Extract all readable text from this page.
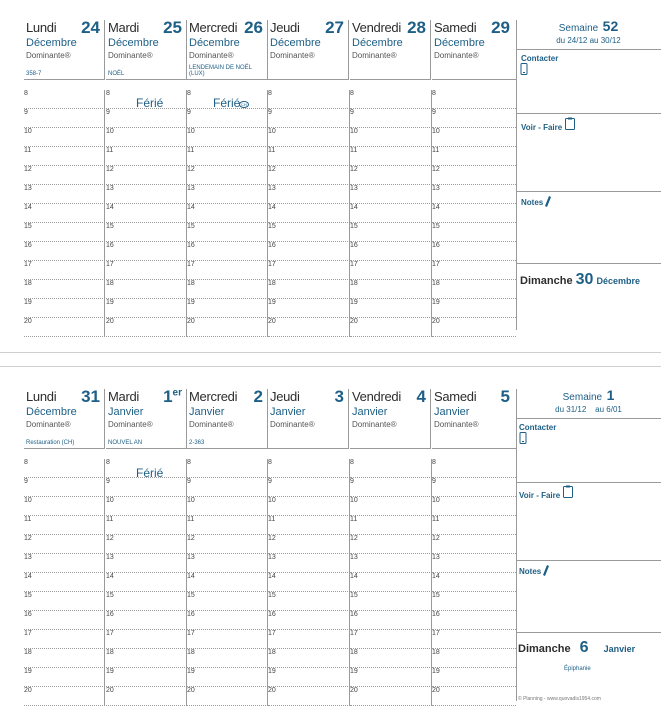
Lundi 24
Décembre
Dominante®
358-7
Mardi 25
Décembre
Dominante®
NOËL
Mercredi 26
Décembre
Dominante®
LENDEMAIN DE NOËL (LUX)
Jeudi 27
Décembre
Dominante®
Vendredi 28
Décembre
Dominante®
Samedi 29
Décembre
Dominante®
8	8	8	8	8	8
9	9	9	9	9	9
10	10	10	10	10	10
11	11	11	11	11	11
12	12	12	12	12	12
13	13	13	13	13	13
14	14	14	14	14	14
15	15	15	15	15	15
16	16	16	16	16	16
17	17	17	17	17	17
18	18	18	18	18	18
19	19	19	19	19	19
20	20	20	20	20	20
Férié	Férié CH
Semaine 52
du 24/12 au 30/12
Contacter
Voir - Faire
Notes
Dimanche 30 Décembre
Lundi 31
Décembre
Dominante®
Restauration (CH)
Mardi 1er
Janvier
Dominante®
NOUVEL AN
Mercredi 2
Janvier
Dominante®
2-363
Jeudi 3
Janvier
Dominante®
Vendredi 4
Janvier
Dominante®
Samedi 5
Janvier
Dominante®
8	8	8	8	8	8
9	9	9	9	9	9
10	10	10	10	10	10
11	11	11	11	11	11
12	12	12	12	12	12
13	13	13	13	13	13
14	14	14	14	14	14
15	15	15	15	15	15
16	16	16	16	16	16
17	17	17	17	17	17
18	18	18	18	18	18
19	19	19	19	19	19
20	20	20	20	20	20
Férié
Semaine 1
du 31/12 au 6/01
Contacter
Voir - Faire
Notes
Dimanche 6 Janvier
Épiphanie
© Planning - www.quovadis1954.com
